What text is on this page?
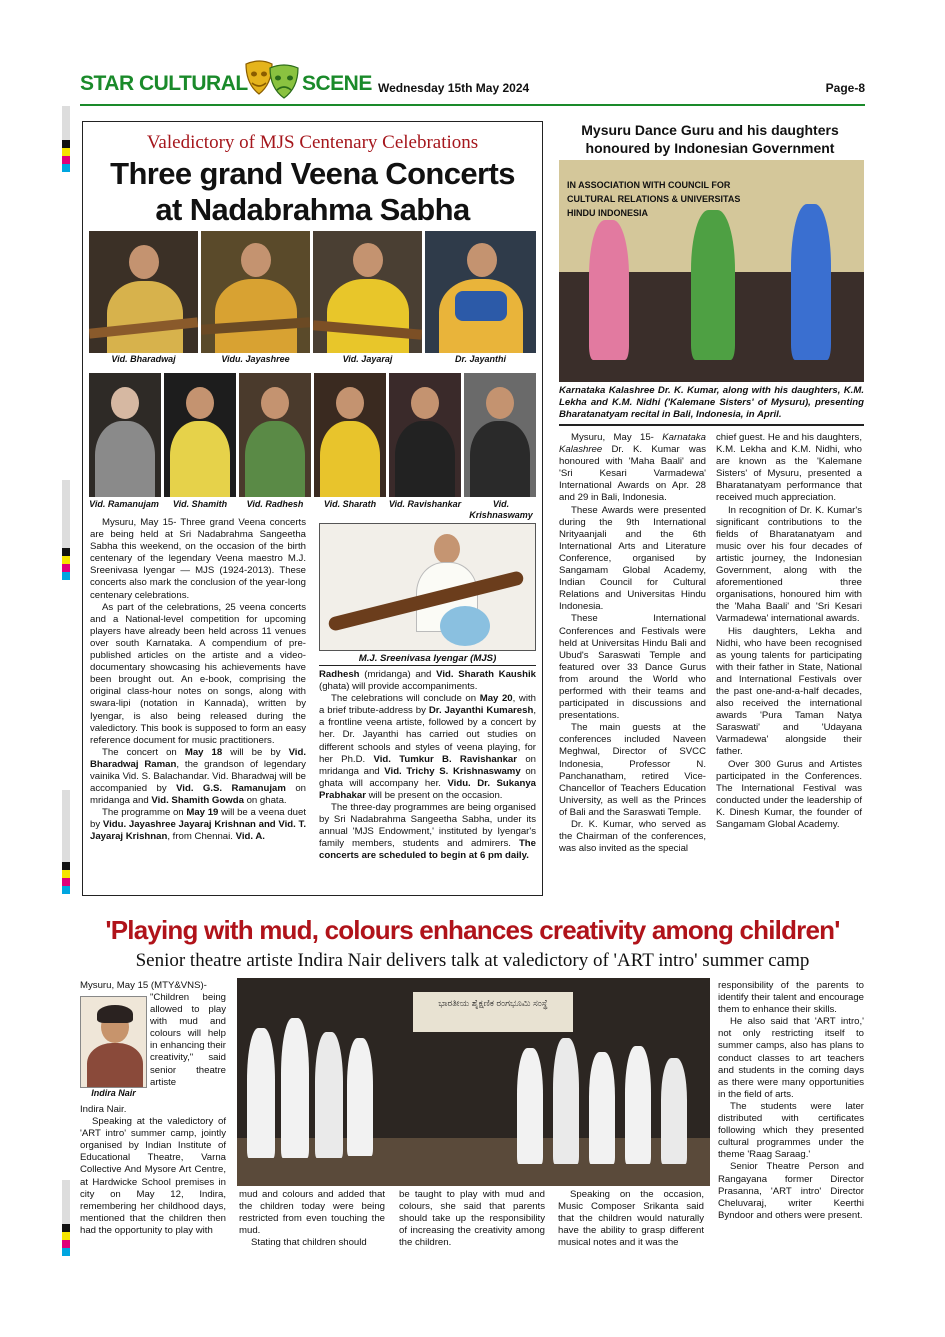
STAR CULTURAL	SCENE Wednesday 15th May 2024	Page-8
Valedictory of MJS Centenary Celebrations
Three grand Veena Concerts
at Nadabrahma Sabha
Vid. Bharadwaj	Vidu. Jayashree	Vid. Jayaraj	Dr. Jayanthi
Vid. Ramanujam	Vid. Shamith	Vid. Radhesh	Vid. Sharath	Vid. Ravishankar	Vid. Krishnaswamy

Mysuru, May 15- Three grand Veena concerts are being held at Sri Nadabrahma Sangeetha Sabha this weekend, on the occasion of the birth centenary of the legendary Veena maestro M.J. Sreenivasa Iyengar — MJS (1924-2013). These concerts also mark the conclusion of the year-long centenary celebrations.

As part of the celebrations, 25 veena concerts and a National-level competition for upcoming players have already been held across 11 venues over south Karnataka. A compendium of pre-published articles on the artiste and a video-documentary showcasing his achievements have been brought out. An e-book, comprising the original class-hour notes on songs, along with swara-lipi (notation in Kannada), written by Iyengar, is also being released during the valedictory. This book is supposed to form an easy reference document for music practitioners.

The concert on May 18 will be by Vid. Bharadwaj Raman, the grandson of legendary vainika Vid. S. Balachandar. Vid. Bharadwaj will be accompanied by Vid. G.S. Ramanujam on mridanga and Vid. Shamith Gowda on ghata.

The programme on May 19 will be a veena duet by Vidu. Jayashree Jayaraj Krishnan and Vid. T. Jayaraj Krishnan, from Chennai. Vid. A.

M.J. Sreenivasa Iyengar (MJS)

Radhesh (mridanga) and Vid. Sharath Kaushik (ghata) will provide accompaniments.

The celebrations will conclude on May 20, with a brief tribute-address by Dr. Jayanthi Kumaresh, a frontline veena artiste, followed by a concert by her. Dr. Jayanthi has carried out studies on different schools and styles of veena playing, for her Ph.D. Vid. Tumkur B. Ravishankar on mridanga and Vid. Trichy S. Krishnaswamy on ghata will accompany her. Vidu. Dr. Sukanya Prabhakar will be present on the occasion.

The three-day programmes are being organised by Sri Nadabrahma Sangeetha Sabha, under its annual 'MJS Endowment,' instituted by Iyengar's family members, students and admirers. The concerts are scheduled to begin at 6 pm daily.

Mysuru Dance Guru and his daughters honoured by Indonesian Government
IN ASSOCIATION WITH COUNCIL FOR CULTURAL RELATIONS & UNIVERSITAS HINDU INDONESIA
Karnataka Kalashree Dr. K. Kumar, along with his daughters, K.M. Lekha and K.M. Nidhi ('Kalemane Sisters' of Mysuru), presenting Bharatanatyam recital in Bali, Indonesia, in April.

Mysuru, May 15- Karnataka Kalashree Dr. K. Kumar was honoured with 'Maha Baali' and 'Sri Kesari Varmadewa' International Awards on Apr. 28 and 29 in Bali, Indonesia.

These Awards were presented during the 9th International Nrityaanjali and the 6th International Arts and Literature Conference, organised by Sangamam Global Academy, Indian Council for Cultural Relations and Universitas Hindu Indonesia.

These International Conferences and Festivals were held at Universitas Hindu Bali and Ubud's Saraswati Temple and featured over 33 Dance Gurus from around the World who performed with their teams and participated in discussions and presentations.

The main guests at the conferences included Naveen Meghwal, Director of SVCC Indonesia, Professor N. Panchanatham, retired Vice-Chancellor of Teachers Education University, as well as the Princes of Bali and the Saraswati Temple.

Dr. K. Kumar, who served as the Chairman of the conferences, was also invited as the special

chief guest. He and his daughters, K.M. Lekha and K.M. Nidhi, who are known as the 'Kalemane Sisters' of Mysuru, presented a Bharatanatyam performance that received much appreciation.

In recognition of Dr. K. Kumar's significant contributions to the fields of Bharatanatyam and music over his four decades of artistic journey, the Indonesian Government, along with the aforementioned three organisations, honoured him with the 'Maha Baali' and 'Sri Kesari Varmadewa' international awards.

His daughters, Lekha and Nidhi, who have been recognised as young talents for participating with their father in State, National and International Festivals over the past one-and-a-half decades, also received the international awards 'Pura Taman Natya Saraswati' and 'Udayana Varmadewa' alongside their father.

Over 300 Gurus and Artistes participated in the Conferences. The International Festival was conducted under the leadership of K. Dinesh Kumar, the founder of Sangamam Global Academy.

'Playing with mud, colours enhances creativity among children'
Senior theatre artiste Indira Nair delivers talk at valedictory of 'ART intro' summer camp
ಭಾರತೀಯ ಶೈಕ್ಷಣಿಕ ರಂಗಭೂಮಿ ಸಂಸ್ಥೆ
Indira Nair
Mysuru, May 15 (MTY&VNS)-
"Children being allowed to play with mud and colours will help in enhancing their creativity," said senior theatre artiste

Indira Nair.

Speaking at the valedictory of 'ART intro' summer camp, jointly organised by Indian Institute of Educational Theatre, Varna Collective And Mysore Art Centre, at Hardwicke School premises in city on May 12, Indira, remembering her childhood days, mentioned that the children then had the opportunity to play with

mud and colours and added that the children today were being restricted from even touching the mud.

Stating that children should

be taught to play with mud and colours, she said that parents should take up the responsibility of increasing the creativity among the children.

Speaking on the occasion, Music Composer Srikanta said that the children would naturally have the ability to grasp different musical notes and it was the

responsibility of the parents to identify their talent and encourage them to enhance their skills.

He also said that 'ART intro,' not only restricting itself to summer camps, also has plans to conduct classes to art teachers and students in the coming days as there were many opportunities in the field of arts.

The students were later distributed with certificates following which they presented cultural programmes under the theme 'Raag Saraag.'

Senior Theatre Person and Rangayana former Director Prasanna, 'ART intro' Director Cheluvaraj, writer Keerthi Byndoor and others were present.
